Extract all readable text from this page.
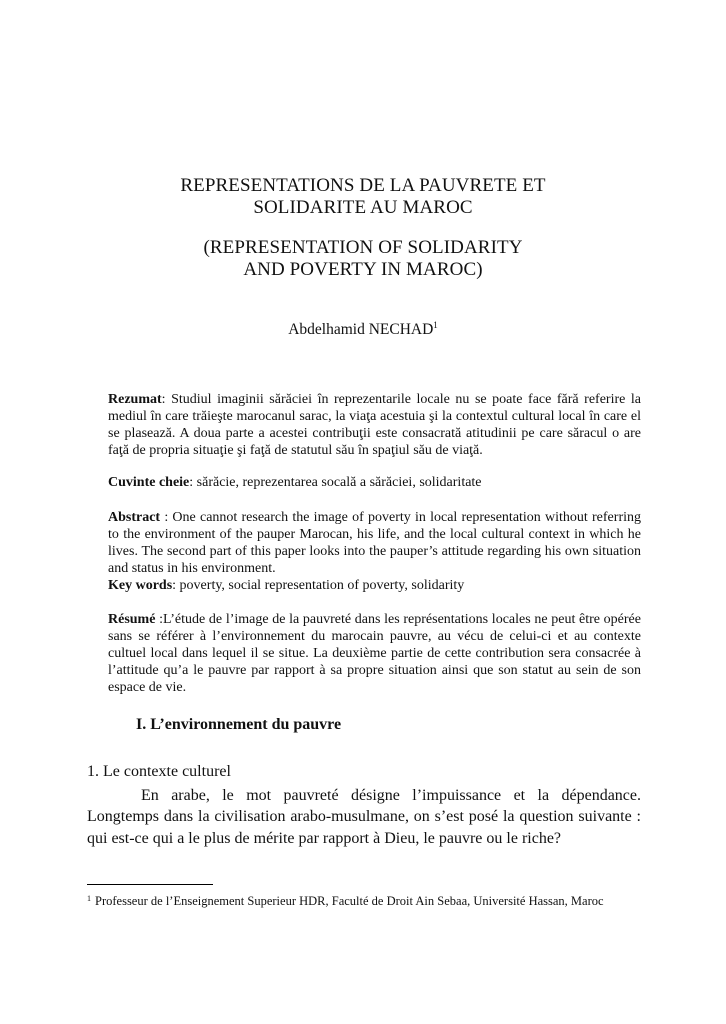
REPRESENTATIONS DE LA PAUVRETE ET
SOLIDARITE AU MAROC
(REPRESENTATION OF SOLIDARITY
AND POVERTY IN MAROC)
Abdelhamid NECHAD$^1$
Rezumat: Studiul imaginii sărăciei în reprezentarile locale nu se poate face fără referire la mediul în care trăieşte marocanul sarac, la viaţa acestuia şi la contextul cultural local în care el se plasează. A doua parte a acestei contribuţii este consacrată atitudinii pe care săracul o are faţă de propria situaţie şi faţă de statutul său în spaţiul său de viaţă.
Cuvinte cheie: sărăcie, reprezentarea socală a sărăciei, solidaritate
Abstract : One cannot research the image of poverty in local representation without referring to the environment of the pauper Marocan, his life, and the local cultural context in which he lives. The second part of this paper looks into the pauper’s attitude regarding his own situation and status in his environment.
Key words: poverty, social representation of poverty, solidarity
Résumé :L’étude de l’image de la pauvreté dans les représentations locales ne peut être opérée sans se référer à l’environnement du marocain pauvre, au vécu de celui-ci et au contexte cultuel local dans lequel il se situe. La deuxième partie de cette contribution sera consacrée à l’attitude qu’a le pauvre par rapport à sa propre situation ainsi que son statut au sein de son espace de vie.
I. L’environnement du pauvre
1. Le contexte culturel
En arabe, le mot pauvreté désigne l’impuissance et la dépendance. Longtemps dans la civilisation arabo-musulmane, on s’est posé la question suivante : qui est-ce qui a le plus de mérite par rapport à Dieu, le pauvre ou le riche?
$^1$ Professeur de l’Enseignement Superieur HDR, Faculté de Droit Ain Sebaa, Université Hassan, Maroc
